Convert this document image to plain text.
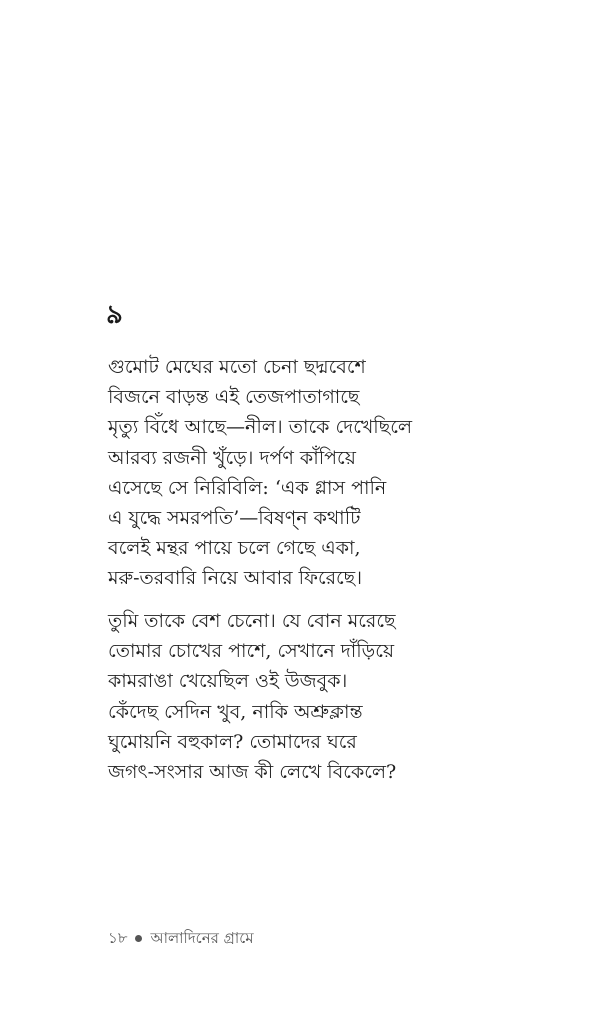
৯
গুমোট মেঘের মতো চেনা ছদ্মবেশে
বিজনে বাড়ন্ত এই তেজপাতাগাছে
মৃত্যু বিঁধে আছে—নীল। তাকে দেখেছিলে
আরব্য রজনী খুঁড়ে। দর্পণ কাঁপিয়ে
এসেছে সে নিরিবিলি: ‘এক গ্লাস পানি
এ যুদ্ধে সমরপতি’—বিষণ্ন কথাটি
বলেই মন্থর পায়ে চলে গেছে একা,
মরু-তরবারি নিয়ে আবার ফিরেছে।
তুমি তাকে বেশ চেনো। যে বোন মরেছে
তোমার চোখের পাশে, সেখানে দাঁড়িয়ে
কামরাঙা খেয়েছিল ওই উজবুক।
কেঁদেছ সেদিন খুব, নাকি অশ্রুক্লান্ত
ঘুমোয়নি বহুকাল? তোমাদের ঘরে
জগৎ-সংসার আজ কী লেখে বিকেলে?
১৮ আলাদিনের গ্রামে
